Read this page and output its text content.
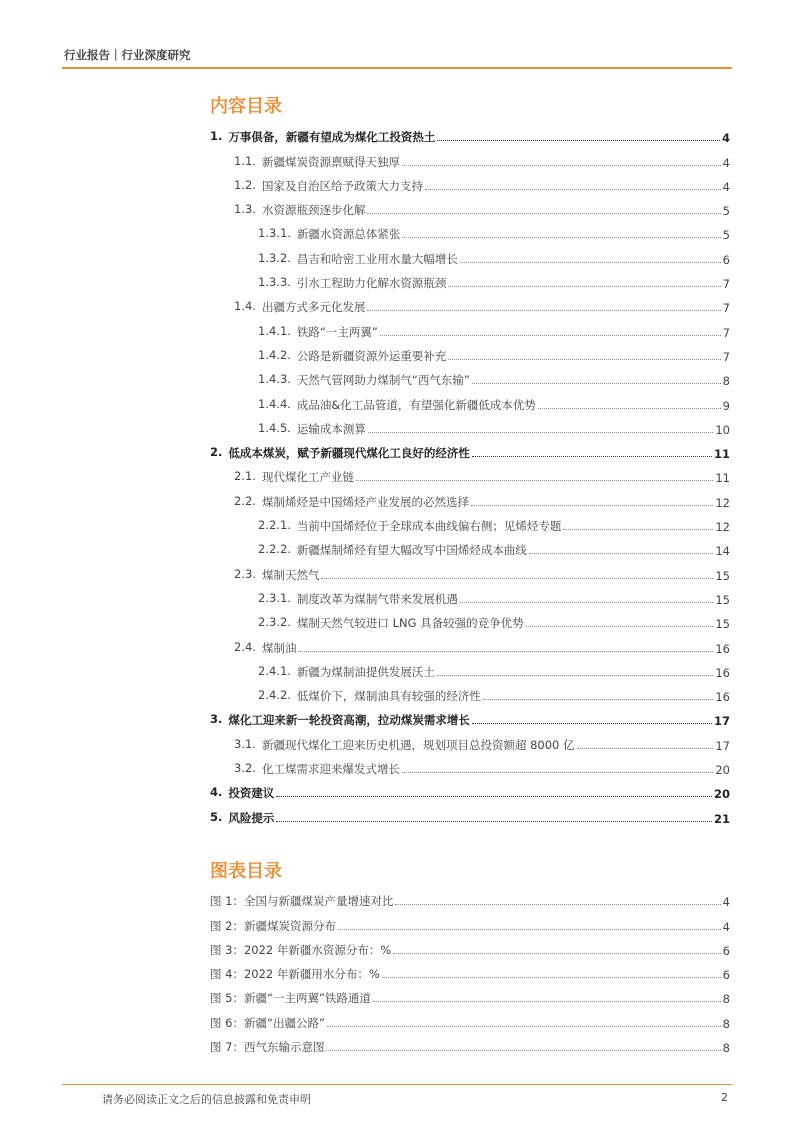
行业报告｜行业深度研究
内容目录
1. 万事俱备，新疆有望成为煤化工投资热土	4
1.1. 新疆煤炭资源禀赋得天独厚	4
1.2. 国家及自治区给予政策大力支持	4
1.3. 水资源瓶颈逐步化解	5
1.3.1. 新疆水资源总体紧张	5
1.3.2. 昌吉和哈密工业用水量大幅增长	6
1.3.3. 引水工程助力化解水资源瓶颈	7
1.4. 出疆方式多元化发展	7
1.4.1. 铁路“一主两翼”	7
1.4.2. 公路是新疆资源外运重要补充	7
1.4.3. 天然气管网助力煤制气“西气东输”	8
1.4.4. 成品油&化工品管道，有望强化新疆低成本优势	9
1.4.5. 运输成本测算	10
2. 低成本煤炭，赋予新疆现代煤化工良好的经济性	11
2.1. 现代煤化工产业链	11
2.2. 煤制烯烃是中国烯烃产业发展的必然选择	12
2.2.1. 当前中国烯烃位于全球成本曲线偏右侧；见烯烃专题	12
2.2.2. 新疆煤制烯烃有望大幅改写中国烯烃成本曲线	14
2.3. 煤制天然气	15
2.3.1. 制度改革为煤制气带来发展机遇	15
2.3.2. 煤制天然气较进口 LNG 具备较强的竞争优势	15
2.4. 煤制油	16
2.4.1. 新疆为煤制油提供发展沃土	16
2.4.2. 低煤价下，煤制油具有较强的经济性	16
3. 煤化工迎来新一轮投资高潮，拉动煤炭需求增长	17
3.1. 新疆现代煤化工迎来历史机遇，规划项目总投资额超 8000 亿	17
3.2. 化工煤需求迎来爆发式增长	20
4. 投资建议	20
5. 风险提示	21
图表目录
图 1： 全国与新疆煤炭产量增速对比	4
图 2： 新疆煤炭资源分布	4
图 3： 2022 年新疆水资源分布：%	6
图 4： 2022 年新疆用水分布：%	6
图 5： 新疆“一主两翼”铁路通道	8
图 6： 新疆“出疆公路”	8
图 7： 西气东输示意图	8
请务必阅读正文之后的信息披露和免责申明	2
